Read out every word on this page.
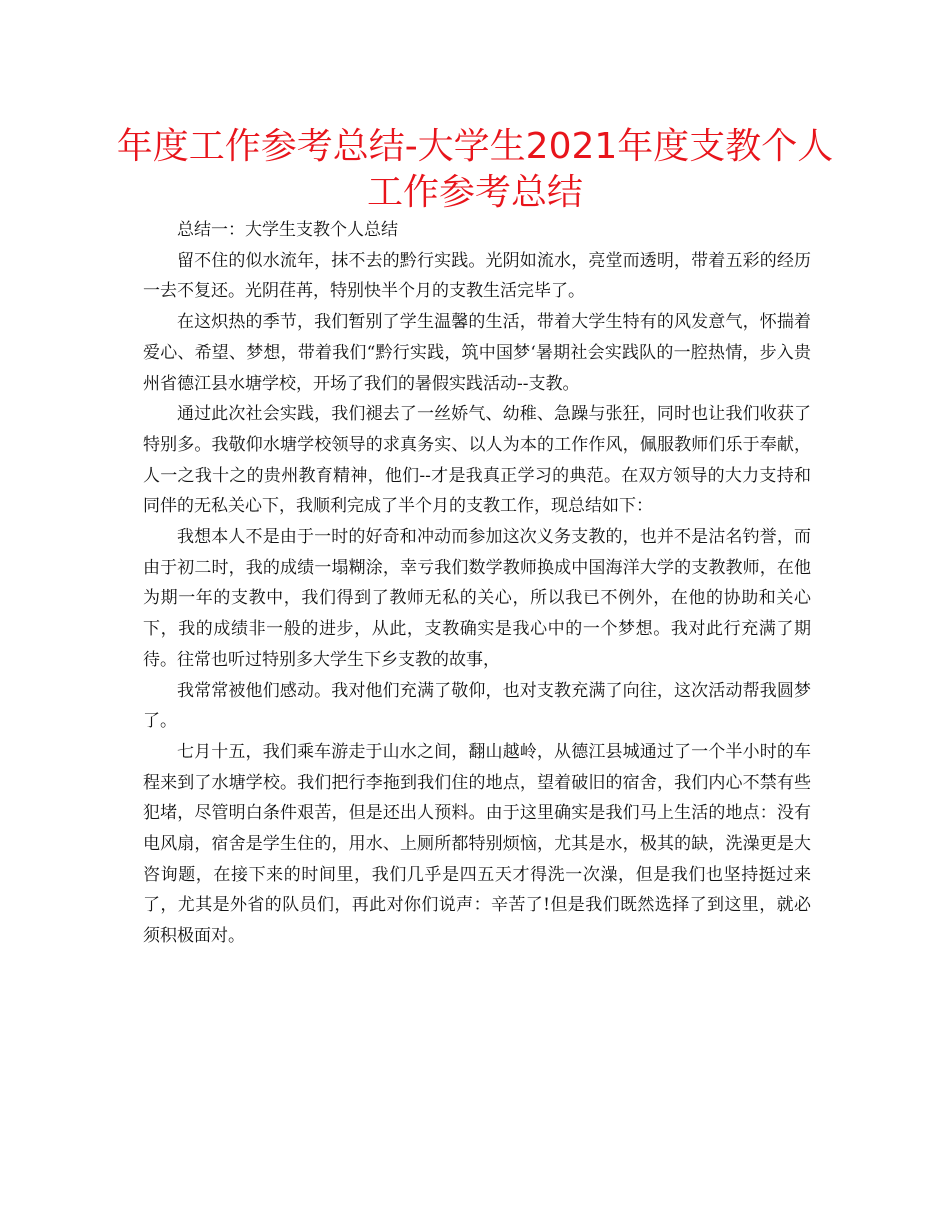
年度工作参考总结-大学生2021年度支教个人工作参考总结

总结一：大学生支教个人总结

留不住的似水流年，抹不去的黔行实践。光阴如流水，亮堂而透明，带着五彩的经历一去不复还。光阴荏苒，特别快半个月的支教生活完毕了。

在这炽热的季节，我们暂别了学生温馨的生活，带着大学生特有的风发意气，怀揣着爱心、希望、梦想，带着我们“黔行实践，筑中国梦‘暑期社会实践队的一腔热情，步入贵州省德江县水塘学校，开场了我们的暑假实践活动--支教。

通过此次社会实践，我们褪去了一丝娇气、幼稚、急躁与张狂，同时也让我们收获了特别多。我敬仰水塘学校领导的求真务实、以人为本的工作作风，佩服教师们乐于奉献，人一之我十之的贵州教育精神，他们--才是我真正学习的典范。在双方领导的大力支持和同伴的无私关心下，我顺利完成了半个月的支教工作，现总结如下：

我想本人不是由于一时的好奇和冲动而参加这次义务支教的，也并不是沽名钓誉，而由于初二时，我的成绩一塌糊涂，幸亏我们数学教师换成中国海洋大学的支教教师，在他为期一年的支教中，我们得到了教师无私的关心，所以我已不例外，在他的协助和关心下，我的成绩非一般的进步，从此，支教确实是我心中的一个梦想。我对此行充满了期待。往常也听过特别多大学生下乡支教的故事，

我常常被他们感动。我对他们充满了敬仰，也对支教充满了向往，这次活动帮我圆梦了。

七月十五，我们乘车游走于山水之间，翻山越岭，从德江县城通过了一个半小时的车程来到了水塘学校。我们把行李拖到我们住的地点，望着破旧的宿舍，我们内心不禁有些犯堵，尽管明白条件艰苦，但是还出人预料。由于这里确实是我们马上生活的地点：没有电风扇，宿舍是学生住的，用水、上厕所都特别烦恼，尤其是水，极其的缺，洗澡更是大咨询题，在接下来的时间里，我们几乎是四五天才得洗一次澡，但是我们也坚持挺过来了，尤其是外省的队员们，再此对你们说声：辛苦了!但是我们既然选择了到这里，就必须积极面对。
